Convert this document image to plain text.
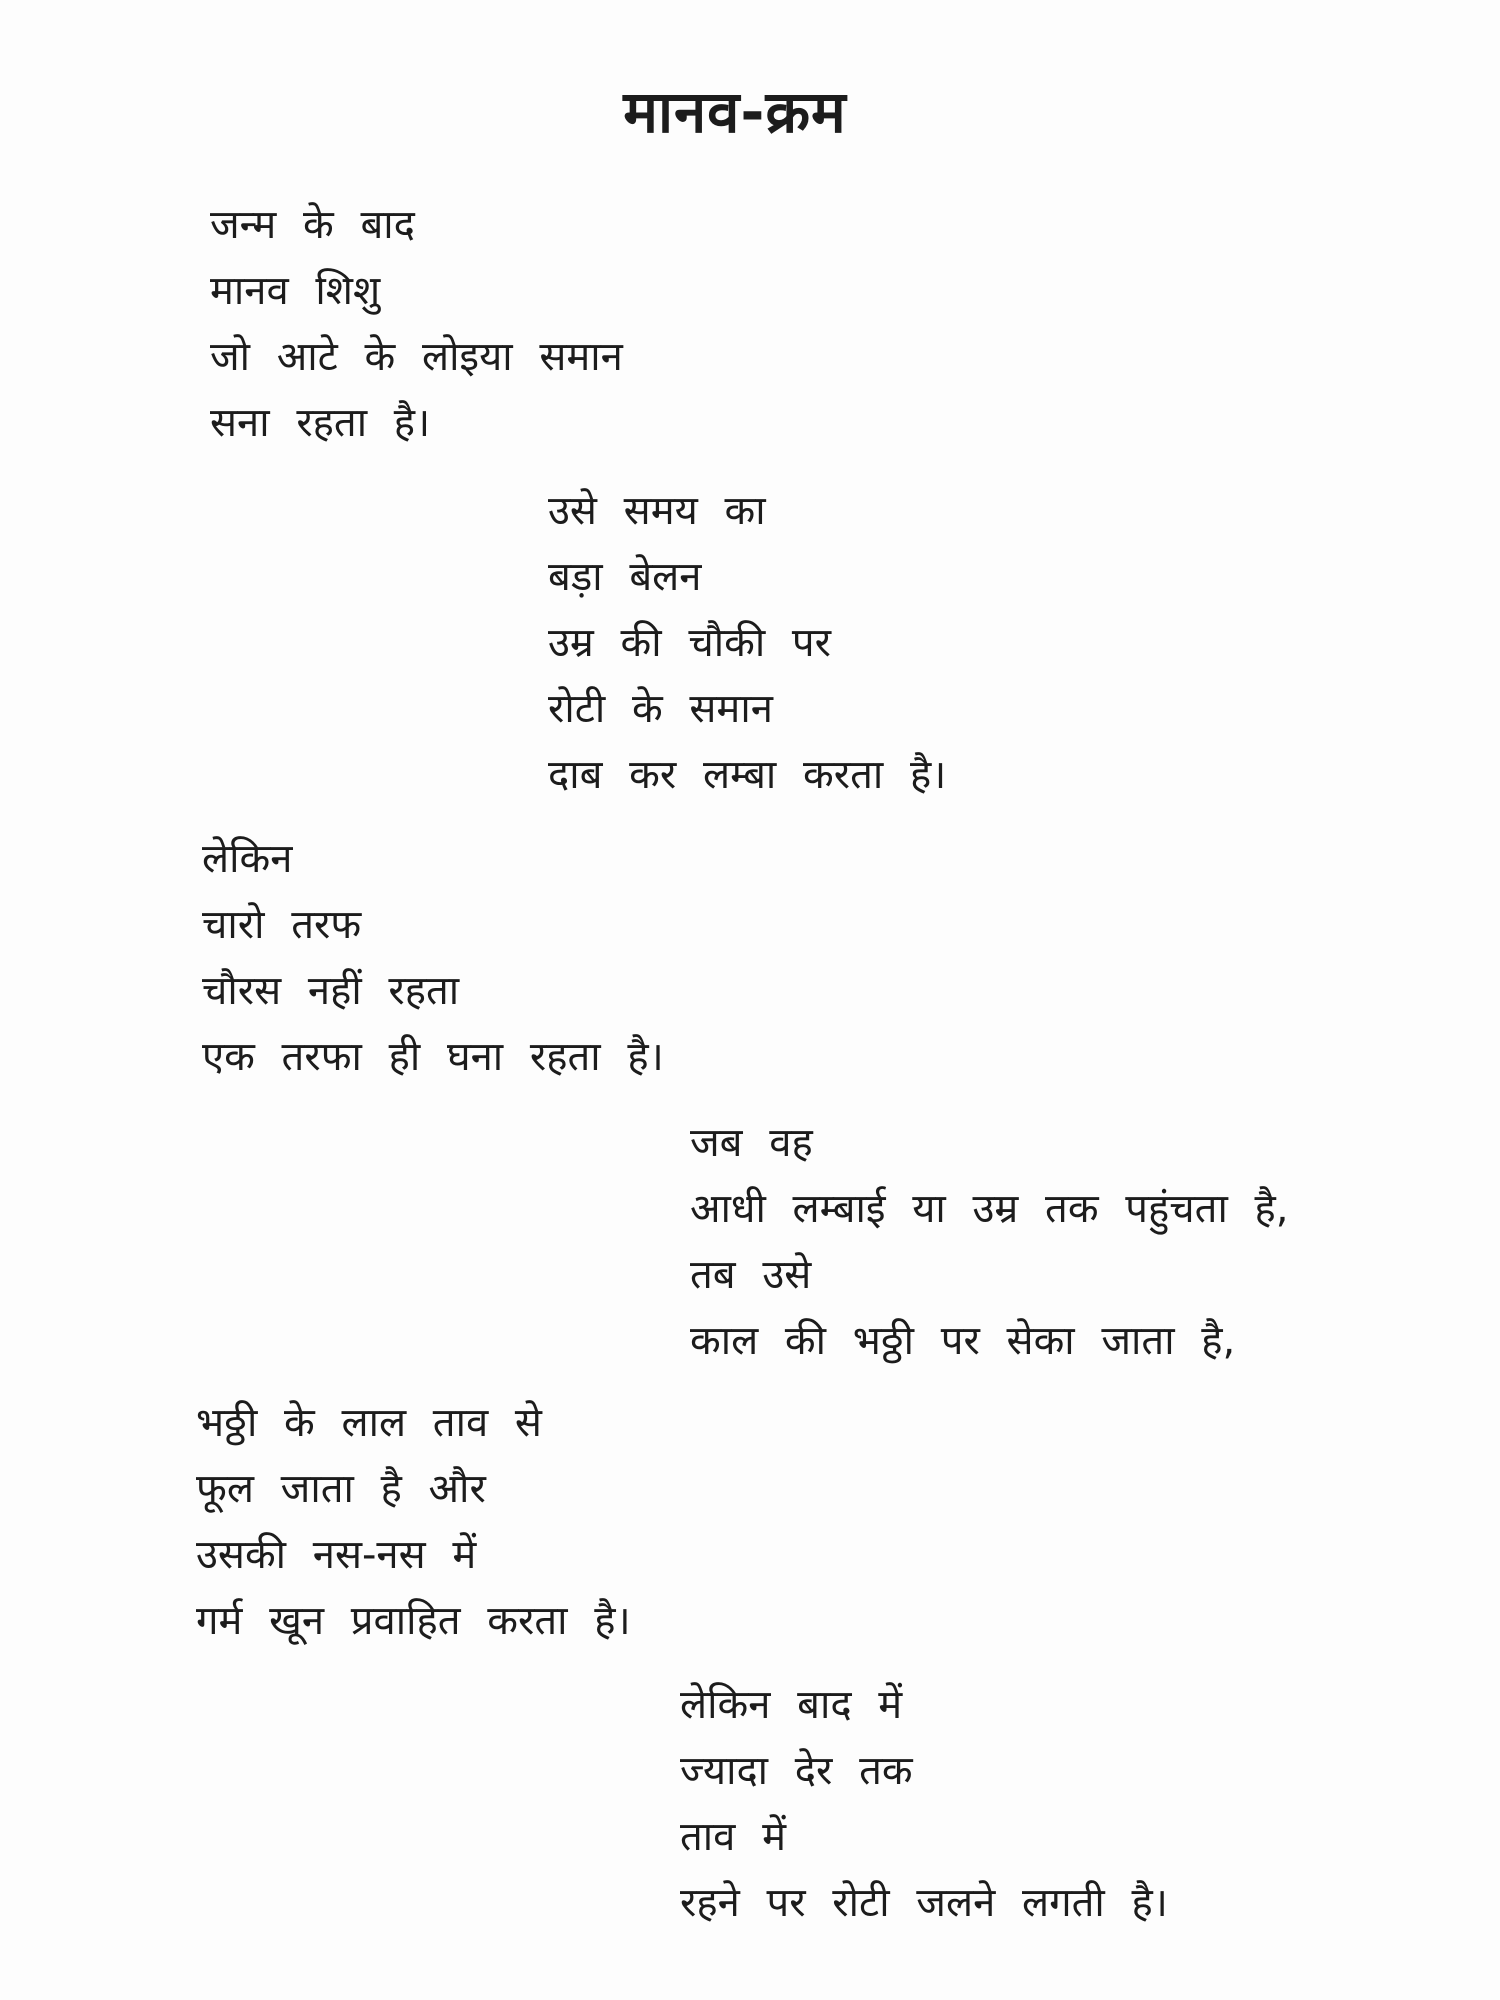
मानव-क्रम
जन्म के बाद
मानव शिशु
जो आटे के लोइया समान
सना रहता है।
उसे समय का
बड़ा बेलन
उम्र की चौकी पर
रोटी के समान
दाब कर लम्बा करता है।
लेकिन
चारो तरफ
चौरस नहीं रहता
एक तरफा ही घना रहता है।
जब वह
आधी लम्बाई या उम्र तक पहुंचता है,
तब उसे
काल की भठ्ठी पर सेका जाता है,
भठ्ठी के लाल ताव से
फूल जाता है और
उसकी नस-नस में
गर्म खून प्रवाहित करता है।
लेकिन बाद में
ज्यादा देर तक
ताव में
रहने पर रोटी जलने लगती है।
